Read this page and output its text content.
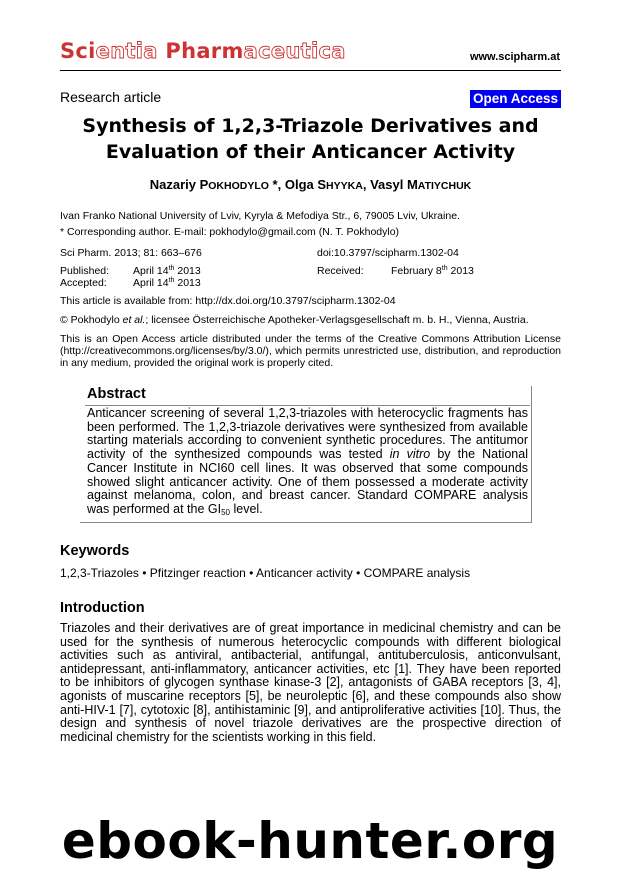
Scientia Pharmaceutica	www.scipharm.at
Research article	Open Access
Synthesis of 1,2,3-Triazole Derivatives and
Evaluation of their Anticancer Activity
Nazariy POKHODYLO *, Olga SHYYKA, Vasyl MATIYCHUK
Ivan Franko National University of Lviv, Kyryla & Mefodiya Str., 6, 79005 Lviv, Ukraine.
* Corresponding author. E-mail: pokhodylo@gmail.com (N. T. Pokhodylo)
Sci Pharm. 2013; 81: 663–676	doi:10.3797/scipharm.1302-04
Published: April 14th 2013	Received:	February 8th 2013
Accepted:	April 14th 2013
This article is available from: http://dx.doi.org/10.3797/scipharm.1302-04
© Pokhodylo et al.; licensee Österreichische Apotheker-Verlagsgesellschaft m. b. H., Vienna, Austria.
This is an Open Access article distributed under the terms of the Creative Commons Attribution License (http://creativecommons.org/licenses/by/3.0/), which permits unrestricted use, distribution, and reproduction in any medium, provided the original work is properly cited.
Abstract
Anticancer screening of several 1,2,3-triazoles with heterocyclic fragments has been performed. The 1,2,3-triazole derivatives were synthesized from available starting materials according to convenient synthetic procedures. The antitumor activity of the synthesized compounds was tested in vitro by the National Cancer Institute in NCI60 cell lines. It was observed that some compounds showed slight anticancer activity. One of them possessed a moderate activity against melanoma, colon, and breast cancer. Standard COMPARE analysis was performed at the $GI_{50}$ level.
Keywords
1,2,3-Triazoles • Pfitzinger reaction • Anticancer activity • COMPARE analysis
Introduction
Triazoles and their derivatives are of great importance in medicinal chemistry and can be used for the synthesis of numerous heterocyclic compounds with different biological activities such as antiviral, antibacterial, antifungal, antituberculosis, anticonvulsant, antidepressant, anti-inflammatory, anticancer activities, etc [1]. They have been reported to be inhibitors of glycogen synthase kinase-3 [2], antagonists of GABA receptors [3, 4], agonists of muscarine receptors [5], be neuroleptic [6], and these compounds also show anti-HIV-1 [7], cytotoxic [8], antihistaminic [9], and antiproliferative activities [10]. Thus, the design and synthesis of novel triazole derivatives are the prospective direction of medicinal chemistry for the scientists working in this field.
ebook-hunter.org
